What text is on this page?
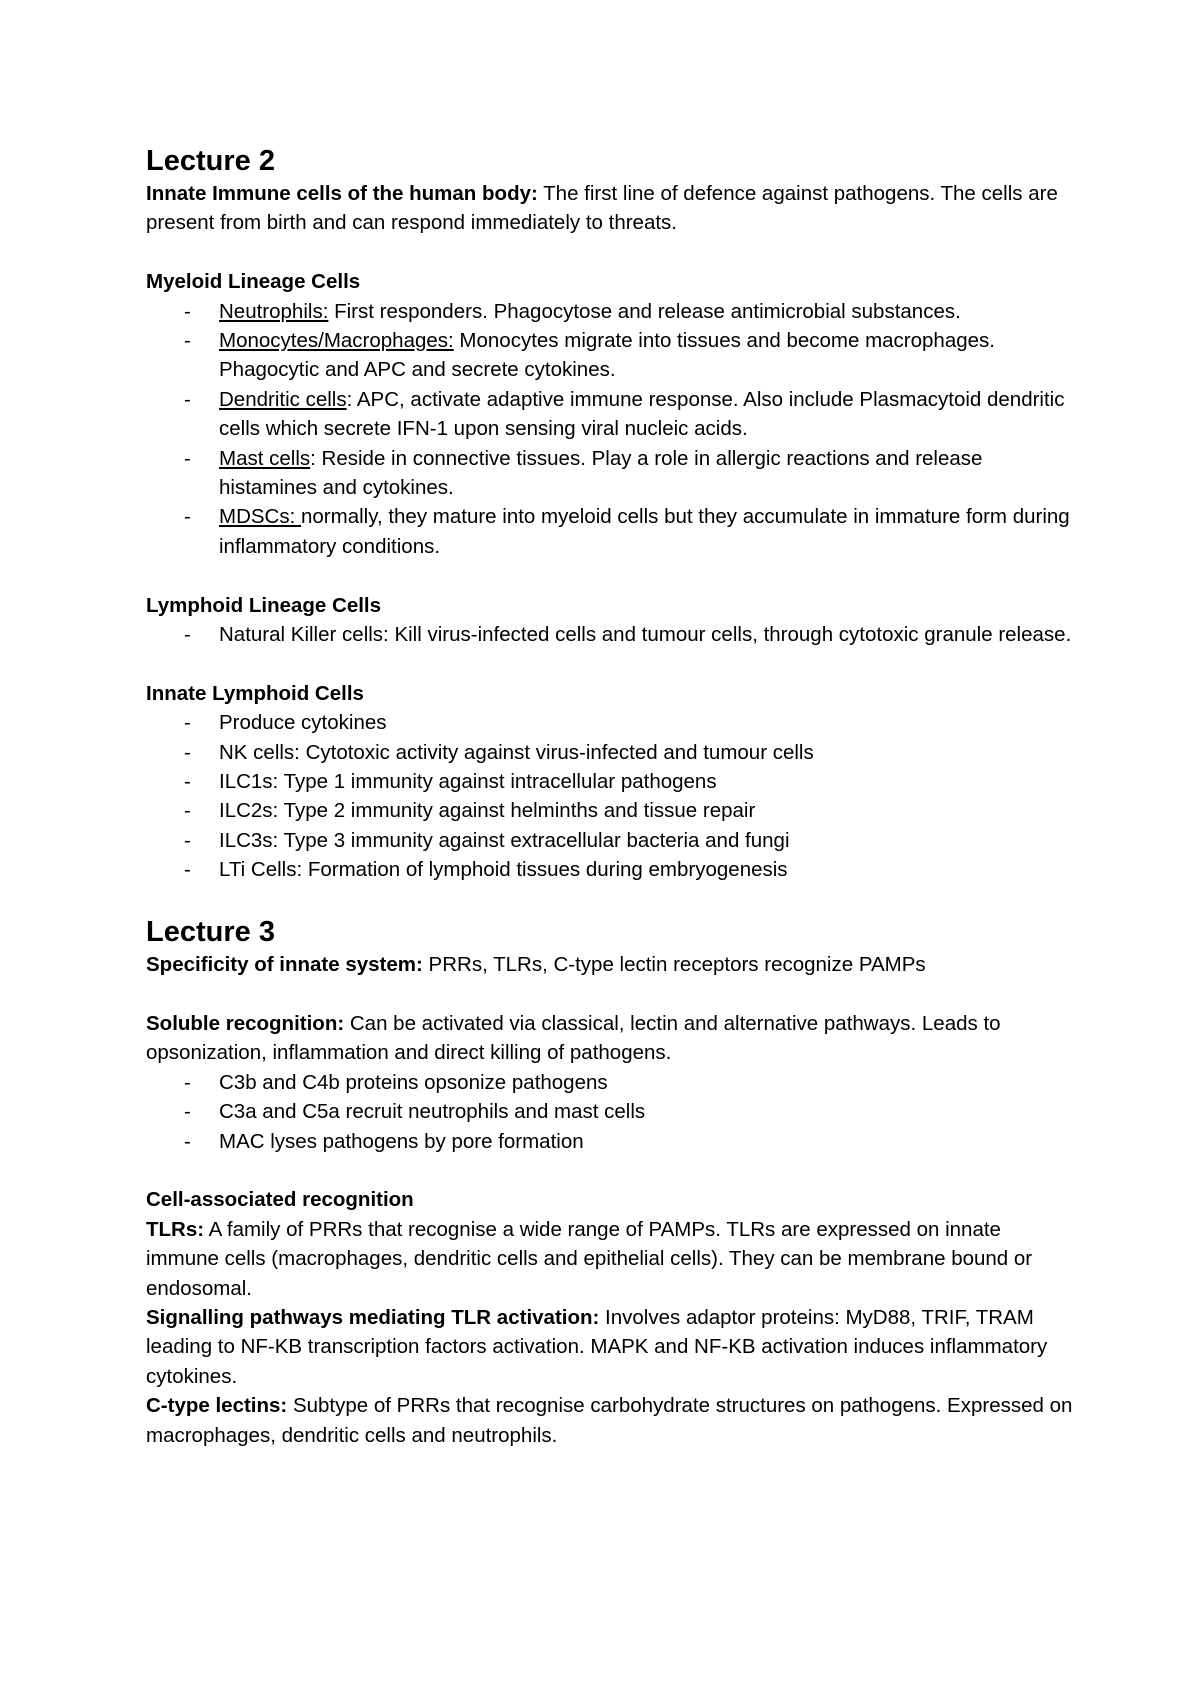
Lecture 2

Innate Immune cells of the human body: The first line of defence against pathogens. The cells are present from birth and can respond immediately to threats.

Myeloid Lineage Cells

- Neutrophils: First responders. Phagocytose and release antimicrobial substances.
- Monocytes/Macrophages: Monocytes migrate into tissues and become macrophages. Phagocytic and APC and secrete cytokines.
- Dendritic cells: APC, activate adaptive immune response. Also include Plasmacytoid dendritic cells which secrete IFN-1 upon sensing viral nucleic acids.
- Mast cells: Reside in connective tissues. Play a role in allergic reactions and release histamines and cytokines.
- MDSCs: normally, they mature into myeloid cells but they accumulate in immature form during inflammatory conditions.

Lymphoid Lineage Cells

- Natural Killer cells: Kill virus-infected cells and tumour cells, through cytotoxic granule release.

Innate Lymphoid Cells

- Produce cytokines
- NK cells: Cytotoxic activity against virus-infected and tumour cells
- ILC1s: Type 1 immunity against intracellular pathogens
- ILC2s: Type 2 immunity against helminths and tissue repair
- ILC3s: Type 3 immunity against extracellular bacteria and fungi
- LTi Cells: Formation of lymphoid tissues during embryogenesis
Lecture 3

Specificity of innate system: PRRs, TLRs, C-type lectin receptors recognize PAMPs

Soluble recognition: Can be activated via classical, lectin and alternative pathways. Leads to opsonization, inflammation and direct killing of pathogens.

- C3b and C4b proteins opsonize pathogens
- C3a and C5a recruit neutrophils and mast cells
- MAC lyses pathogens by pore formation

Cell-associated recognition

TLRs: A family of PRRs that recognise a wide range of PAMPs. TLRs are expressed on innate immune cells (macrophages, dendritic cells and epithelial cells). They can be membrane bound or endosomal.

Signalling pathways mediating TLR activation: Involves adaptor proteins: MyD88, TRIF, TRAM leading to NF-KB transcription factors activation. MAPK and NF-KB activation induces inflammatory cytokines.

C-type lectins: Subtype of PRRs that recognise carbohydrate structures on pathogens. Expressed on macrophages, dendritic cells and neutrophils.
